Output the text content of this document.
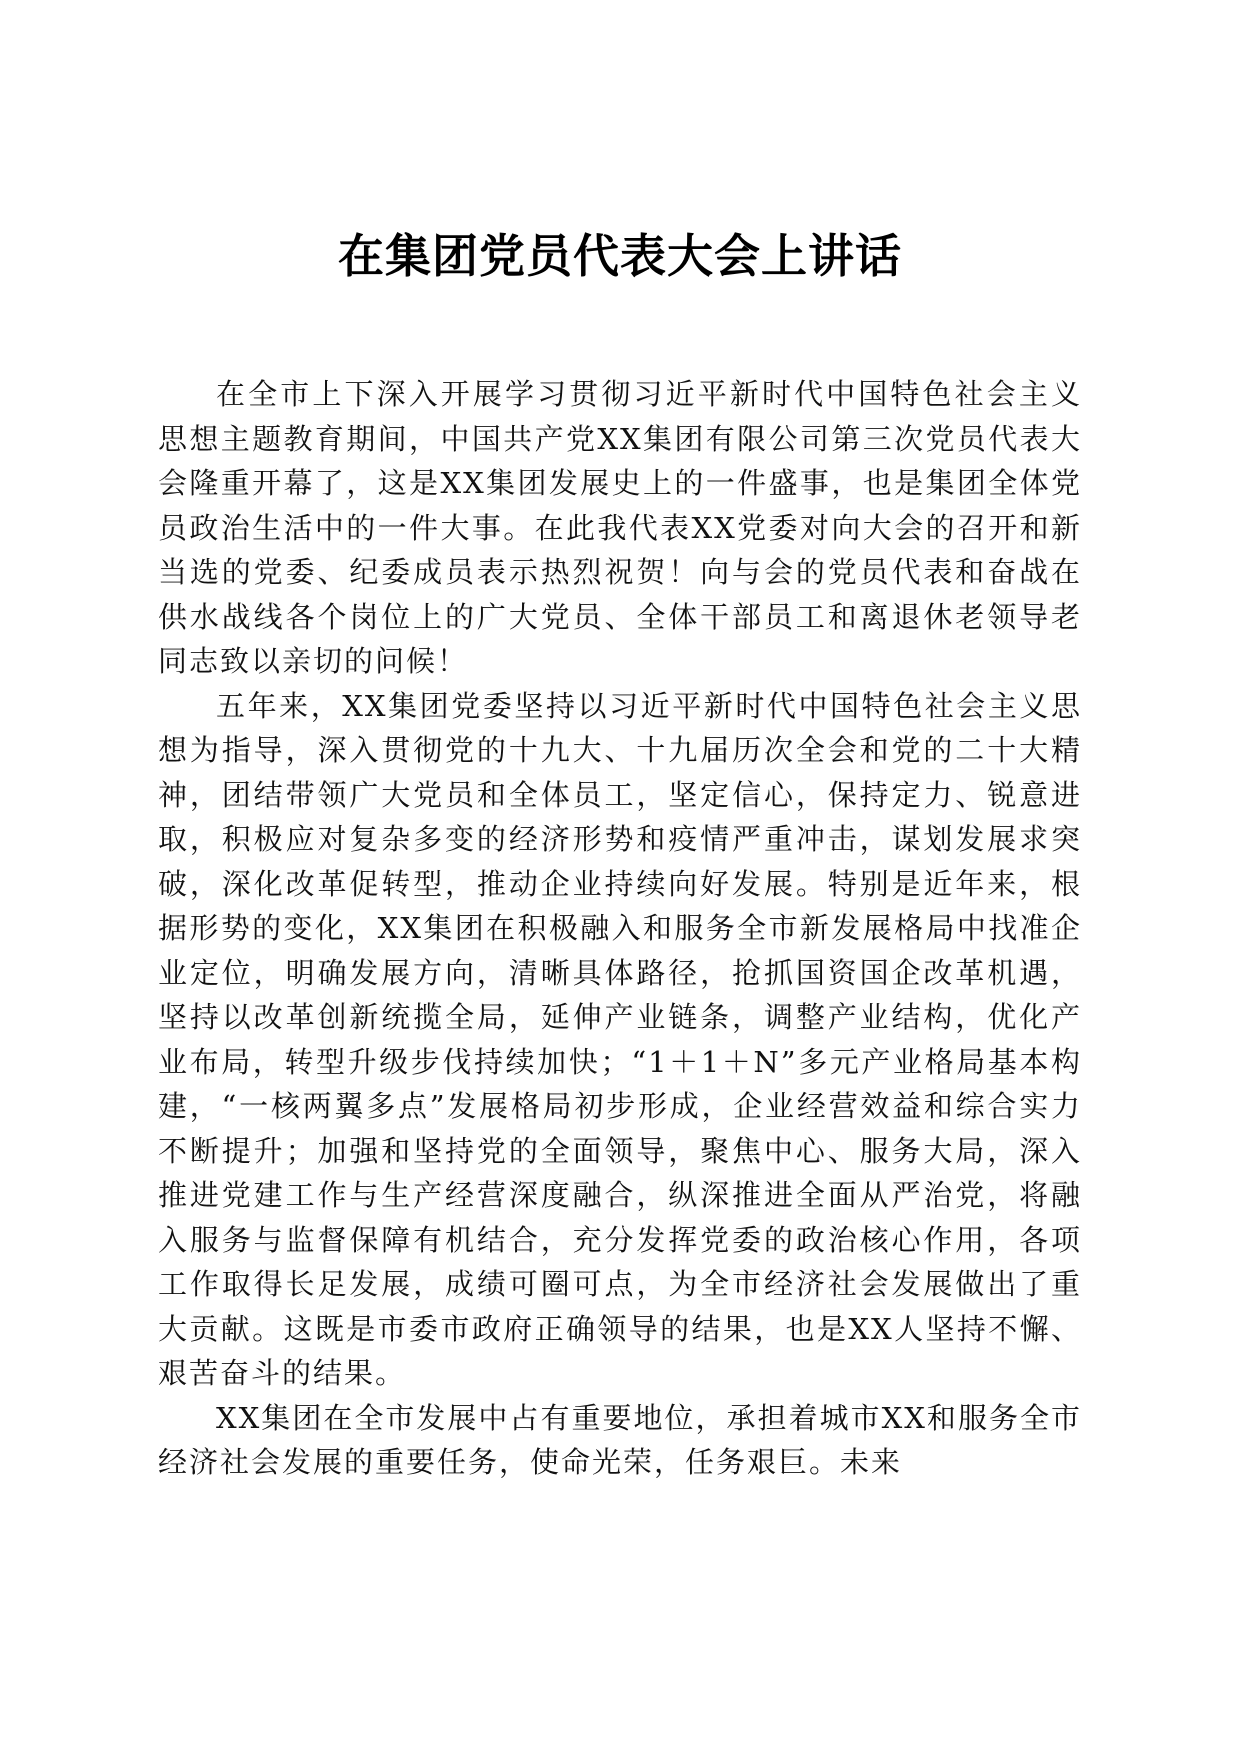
在集团党员代表大会上讲话

在全市上下深入开展学习贯彻习近平新时代中国特色社会主义思想主题教育期间，中国共产党XX集团有限公司第三次党员代表大会隆重开幕了，这是XX集团发展史上的一件盛事，也是集团全体党员政治生活中的一件大事。在此我代表XX党委对向大会的召开和新当选的党委、纪委成员表示热烈祝贺！向与会的党员代表和奋战在供水战线各个岗位上的广大党员、全体干部员工和离退休老领导老同志致以亲切的问候！

五年来，XX集团党委坚持以习近平新时代中国特色社会主义思想为指导，深入贯彻党的十九大、十九届历次全会和党的二十大精神，团结带领广大党员和全体员工，坚定信心，保持定力、锐意进取，积极应对复杂多变的经济形势和疫情严重冲击，谋划发展求突破，深化改革促转型，推动企业持续向好发展。特别是近年来，根据形势的变化，XX集团在积极融入和服务全市新发展格局中找准企业定位，明确发展方向，清晰具体路径，抢抓国资国企改革机遇，坚持以改革创新统揽全局，延伸产业链条，调整产业结构，优化产业布局，转型升级步伐持续加快；“1＋1＋N”多元产业格局基本构建，“一核两翼多点”发展格局初步形成，企业经营效益和综合实力不断提升；加强和坚持党的全面领导，聚焦中心、服务大局，深入推进党建工作与生产经营深度融合，纵深推进全面从严治党，将融入服务与监督保障有机结合，充分发挥党委的政治核心作用，各项工作取得长足发展，成绩可圈可点，为全市经济社会发展做出了重大贡献。这既是市委市政府正确领导的结果，也是XX人坚持不懈、艰苦奋斗的结果。

XX集团在全市发展中占有重要地位，承担着城市XX和服务全市经济社会发展的重要任务，使命光荣，任务艰巨。未来
